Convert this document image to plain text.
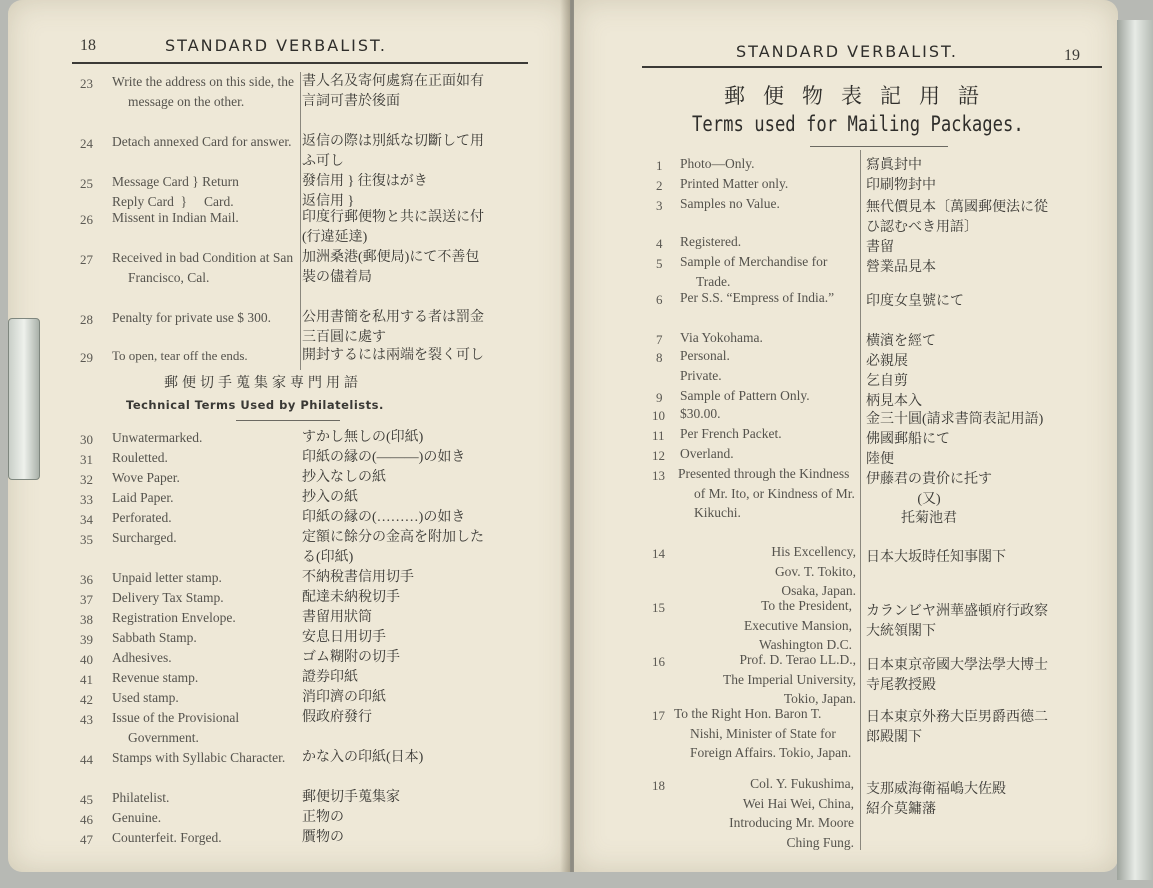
18	STANDARD VERBALIST.
23 Write the address on this side, the message on the other.
書人名及寄何處寫在正面如有
言詞可書於後面
24 Detach annexed Card for answer. 返信の際は別紙な切斷して用
ふ可し
25 Message Card } Return
Reply Card  }     Card.
發信用 } 往復はがき
返信用 }
26 Missent in Indian Mail.	印度行郵便物と共に誤送に付
(行違延達)
27 Received in bad Condition at San Francisco, Cal.
加洲桑港(郵便局)にて不善包
裝の儘着局
28 Penalty for private use $ 300.	公用書簡を私用する者は罰金
三百圓に處す
29 To open, tear off the ends.	開封するには兩端を裂く可し
郵便切手蒐集家専門用語
Technical Terms Used by Philatelists.
30 Unwatermarked.	すかし無しの(印紙)
31 Rouletted.	印紙の縁の(———)の如き
32 Wove Paper.	抄入なしの紙
33 Laid Paper.	抄入の紙
34 Perforated.	印紙の縁の(………)の如き
35 Surcharged.	定額に餘分の金高を附加した
る(印紙)
36 Unpaid letter stamp.	不納稅書信用切手
37 Delivery Tax Stamp.	配達未納稅切手
38 Registration Envelope.	書留用狀筒
39 Sabbath Stamp.	安息日用切手
40 Adhesives.	ゴム糊附の切手
41 Revenue stamp.	證券印紙
42 Used stamp.	消印濟の印紙
43 Issue of the Provisional Government.
假政府發行
44 Stamps with Syllabic Character.	かな入の印紙(日本)
45 Philatelist.	郵便切手蒐集家
46 Genuine.	正物の
47 Counterfeit. Forged.	贋物の
STANDARD VERBALIST.	19
郵便物表記用語
Terms used for Mailing Packages.
1 Photo—Only.	寫眞封中
2 Printed Matter only.	印刷物封中
3 Samples no Value.	無代價見本〔萬國郵便法に從
ひ認むべき用語〕
4 Registered.	書留
5 Sample of Merchandise for Trade.
營業品見本
6 Per S.S. “Empress of India.”	印度女皇號にて
7 Via Yokohama.	横濱を經て
8 Personal.	必親展
Private.	乞自剪
9 Sample of Pattern Only.	柄見本入
10 $30.00.	金三十圓(請求書筒表記用語)
11 Per French Packet.	佛國郵船にて
12 Overland.	陸便
13 Presented through the Kindness of Mr. Ito, or Kindness of Mr. Kikuchi.
伊藤君の貴价に托す
(又)
托菊池君
14	His Excellency,
Gov. T. Tokito,
Osaka, Japan.
日本大坂時任知事閣下
15	To the President,
Executive Mansion,
Washington D.C.
カランビヤ洲華盛頓府行政察
大統領閣下
16	Prof. D. Terao LL.D.,
The Imperial University,
Tokio, Japan.
日本東京帝國大學法學大博士
寺尾教授殿
17 To the Right Hon. Baron T. Nishi, Minister of State for Foreign Affairs. Tokio, Japan.
日本東京外務大臣男爵西德二
郎殿閣下
18	Col. Y. Fukushima,
Wei Hai Wei, China,
Introducing Mr. Moore
Ching Fung.
支那威海衛福嶋大佐殿
紹介莫鏞藩
